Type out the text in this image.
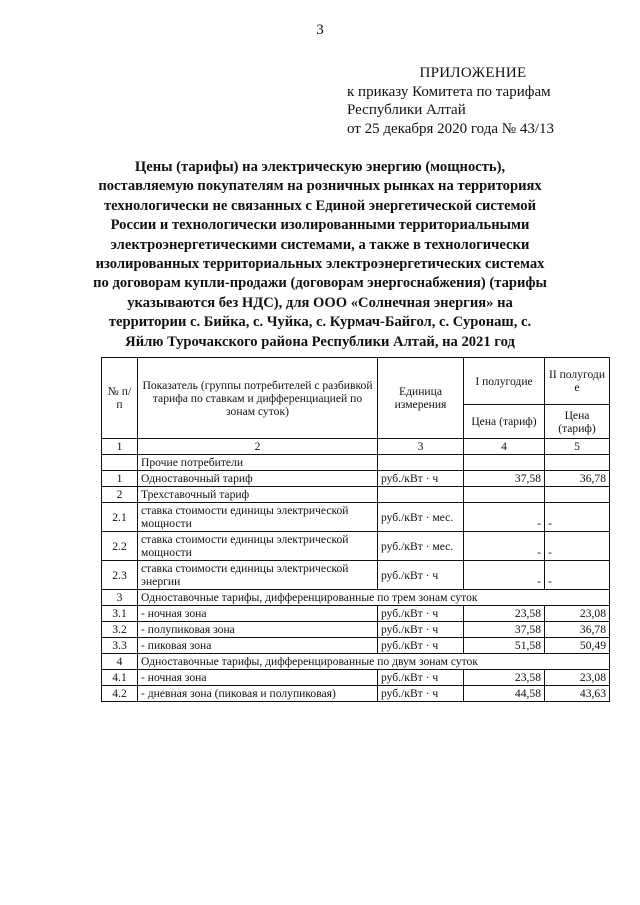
3
ПРИЛОЖЕНИЕ
к приказу Комитета по тарифам
Республики Алтай
от 25 декабря 2020 года № 43/13
Цены (тарифы) на электрическую энергию (мощность),
поставляемую покупателям на розничных рынках на территориях
технологически не связанных с Единой энергетической системой
России и технологически изолированными территориальными
электроэнергетическими системами, а также в технологически
изолированных территориальных электроэнергетических системах
по договорам купли-продажи (договорам энергоснабжения) (тарифы
указываются без НДС), для ООО «Солнечная энергия» на
территории с. Бийка, с. Чуйка, с. Курмач-Байгол, с. Суронаш, с.
Яйлю Турочакского района Республики Алтай, на 2021 год
№ п/п	Показатель (группы потребителей с разбивкой тарифа по ставкам и дифференциацией по зонам суток)	Единица измерения	I полугодие	II полугоди е
			Цена (тариф)	Цена (тариф)
1	2	3	4	5
	Прочие потребители			
1	Одноставочный тариф	руб./кВт · ч	37,58	36,78
2	Трехставочный тариф			
2.1	ставка стоимости единицы электрической мощности	руб./кВт · мес.	-	-
2.2	ставка стоимости единицы электрической мощности	руб./кВт · мес.	-	-
2.3	ставка стоимости единицы электрической энергии	руб./кВт · ч	-	-
3	Одноставочные тарифы, дифференцированные по трем зонам суток			
3.1	- ночная зона	руб./кВт · ч	23,58	23,08
3.2	- полупиковая зона	руб./кВт · ч	37,58	36,78
3.3	- пиковая зона	руб./кВт · ч	51,58	50,49
4	Одноставочные тарифы, дифференцированные по двум зонам суток			
4.1	- ночная зона	руб./кВт · ч	23,58	23,08
4.2	- дневная зона (пиковая и полупиковая)	руб./кВт · ч	44,58	43,63
